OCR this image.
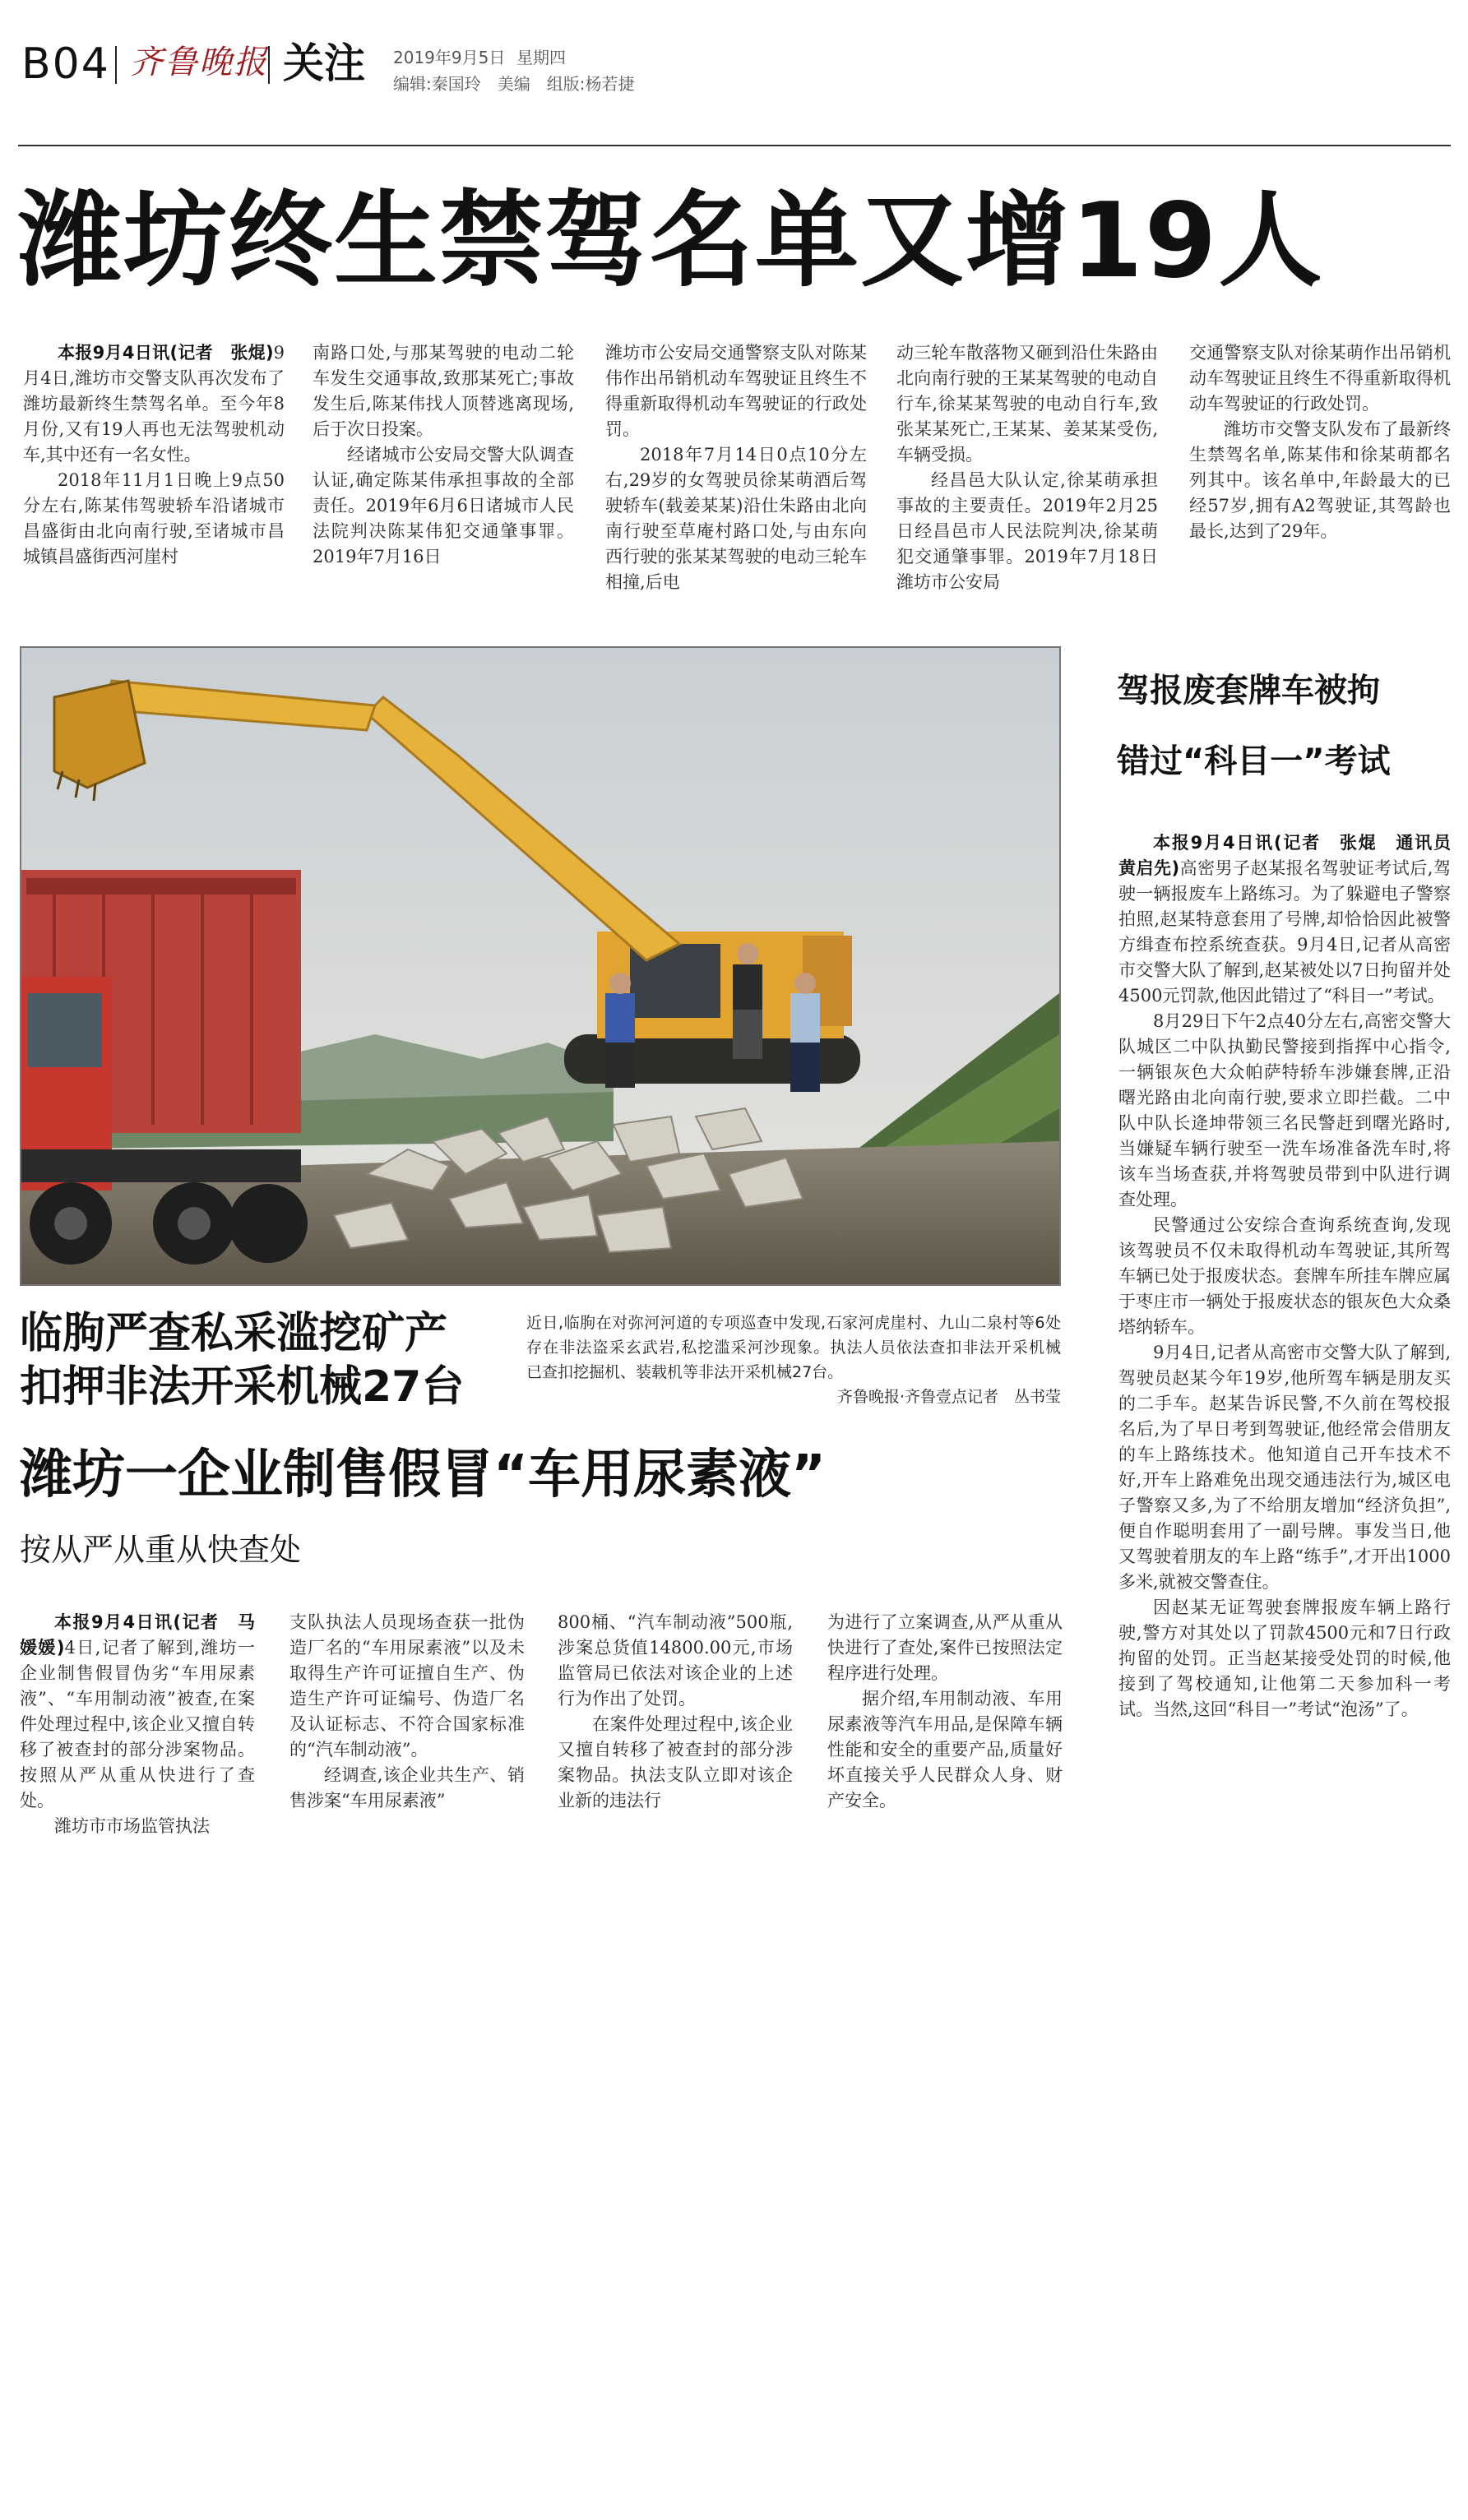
B04 齐鲁晚报 关注 2019年9月5日 星期四
编辑:秦国玲　美编　组版:杨若捷
潍坊终生禁驾名单又增19人

本报9月4日讯(记者　张焜)9月4日,潍坊市交警支队再次发布了潍坊最新终生禁驾名单。至今年8月份,又有19人再也无法驾驶机动车,其中还有一名女性。

2018年11月1日晚上9点50分左右,陈某伟驾驶轿车沿诸城市昌盛街由北向南行驶,至诸城市昌城镇昌盛街西河崖村

南路口处,与那某驾驶的电动二轮车发生交通事故,致那某死亡;事故发生后,陈某伟找人顶替逃离现场,后于次日投案。

经诸城市公安局交警大队调查认证,确定陈某伟承担事故的全部责任。2019年6月6日诸城市人民法院判决陈某伟犯交通肇事罪。2019年7月16日

潍坊市公安局交通警察支队对陈某伟作出吊销机动车驾驶证且终生不得重新取得机动车驾驶证的行政处罚。

2018年7月14日0点10分左右,29岁的女驾驶员徐某萌酒后驾驶轿车(载姜某某)沿仕朱路由北向南行驶至草庵村路口处,与由东向西行驶的张某某驾驶的电动三轮车相撞,后电

动三轮车散落物又砸到沿仕朱路由北向南行驶的王某某驾驶的电动自行车,徐某某驾驶的电动自行车,致张某某死亡,王某某、姜某某受伤,车辆受损。

经昌邑大队认定,徐某萌承担事故的主要责任。2019年2月25日经昌邑市人民法院判决,徐某萌犯交通肇事罪。2019年7月18日潍坊市公安局

交通警察支队对徐某萌作出吊销机动车驾驶证且终生不得重新取得机动车驾驶证的行政处罚。

潍坊市交警支队发布了最新终生禁驾名单,陈某伟和徐某萌都名列其中。该名单中,年龄最大的已经57岁,拥有A2驾驶证,其驾龄也最长,达到了29年。

临朐严查私采滥挖矿产
扣押非法开采机械27台
近日,临朐在对弥河河道的专项巡查中发现,石家河虎崖村、九山二泉村等6处存在非法盗采玄武岩,私挖滥采河沙现象。执法人员依法查扣非法开采机械　已查扣挖掘机、装载机等非法开采机械27台。
齐鲁晚报·齐鲁壹点记者　丛书莹
驾报废套牌车被拘
错过“科目一”考试

本报9月4日讯(记者　张焜　通讯员　黄启先)高密男子赵某报名驾驶证考试后,驾驶一辆报废车上路练习。为了躲避电子警察拍照,赵某特意套用了号牌,却恰恰因此被警方缉查布控系统查获。9月4日,记者从高密市交警大队了解到,赵某被处以7日拘留并处4500元罚款,他因此错过了“科目一”考试。

8月29日下午2点40分左右,高密交警大队城区二中队执勤民警接到指挥中心指令,一辆银灰色大众帕萨特轿车涉嫌套牌,正沿曙光路由北向南行驶,要求立即拦截。二中队中队长逄坤带领三名民警赶到曙光路时,当嫌疑车辆行驶至一洗车场准备洗车时,将该车当场查获,并将驾驶员带到中队进行调查处理。

民警通过公安综合查询系统查询,发现该驾驶员不仅未取得机动车驾驶证,其所驾车辆已处于报废状态。套牌车所挂车牌应属于枣庄市一辆处于报废状态的银灰色大众桑塔纳轿车。

9月4日,记者从高密市交警大队了解到,驾驶员赵某今年19岁,他所驾车辆是朋友买的二手车。赵某告诉民警,不久前在驾校报名后,为了早日考到驾驶证,他经常会借朋友的车上路练技术。他知道自己开车技术不好,开车上路难免出现交通违法行为,城区电子警察又多,为了不给朋友增加“经济负担”,便自作聪明套用了一副号牌。事发当日,他又驾驶着朋友的车上路“练手”,才开出1000多米,就被交警查住。

因赵某无证驾驶套牌报废车辆上路行驶,警方对其处以了罚款4500元和7日行政拘留的处罚。正当赵某接受处罚的时候,他接到了驾校通知,让他第二天参加科一考试。当然,这回“科目一”考试“泡汤”了。

潍坊一企业制售假冒“车用尿素液”
按从严从重从快查处

本报9月4日讯(记者　马媛媛)4日,记者了解到,潍坊一企业制售假冒伪劣“车用尿素液”、“车用制动液”被查,在案件处理过程中,该企业又擅自转移了被查封的部分涉案物品。按照从严从重从快进行了查处。

潍坊市市场监管执法

支队执法人员现场查获一批伪造厂名的“车用尿素液”以及未取得生产许可证擅自生产、伪造生产许可证编号、伪造厂名及认证标志、不符合国家标准的“汽车制动液”。

经调查,该企业共生产、销售涉案“车用尿素液”

800桶、“汽车制动液”500瓶,涉案总货值14800.00元,市场监管局已依法对该企业的上述行为作出了处罚。

在案件处理过程中,该企业又擅自转移了被查封的部分涉案物品。执法支队立即对该企业新的违法行

为进行了立案调查,从严从重从快进行了查处,案件已按照法定程序进行处理。

据介绍,车用制动液、车用尿素液等汽车用品,是保障车辆性能和安全的重要产品,质量好坏直接关乎人民群众人身、财产安全。
